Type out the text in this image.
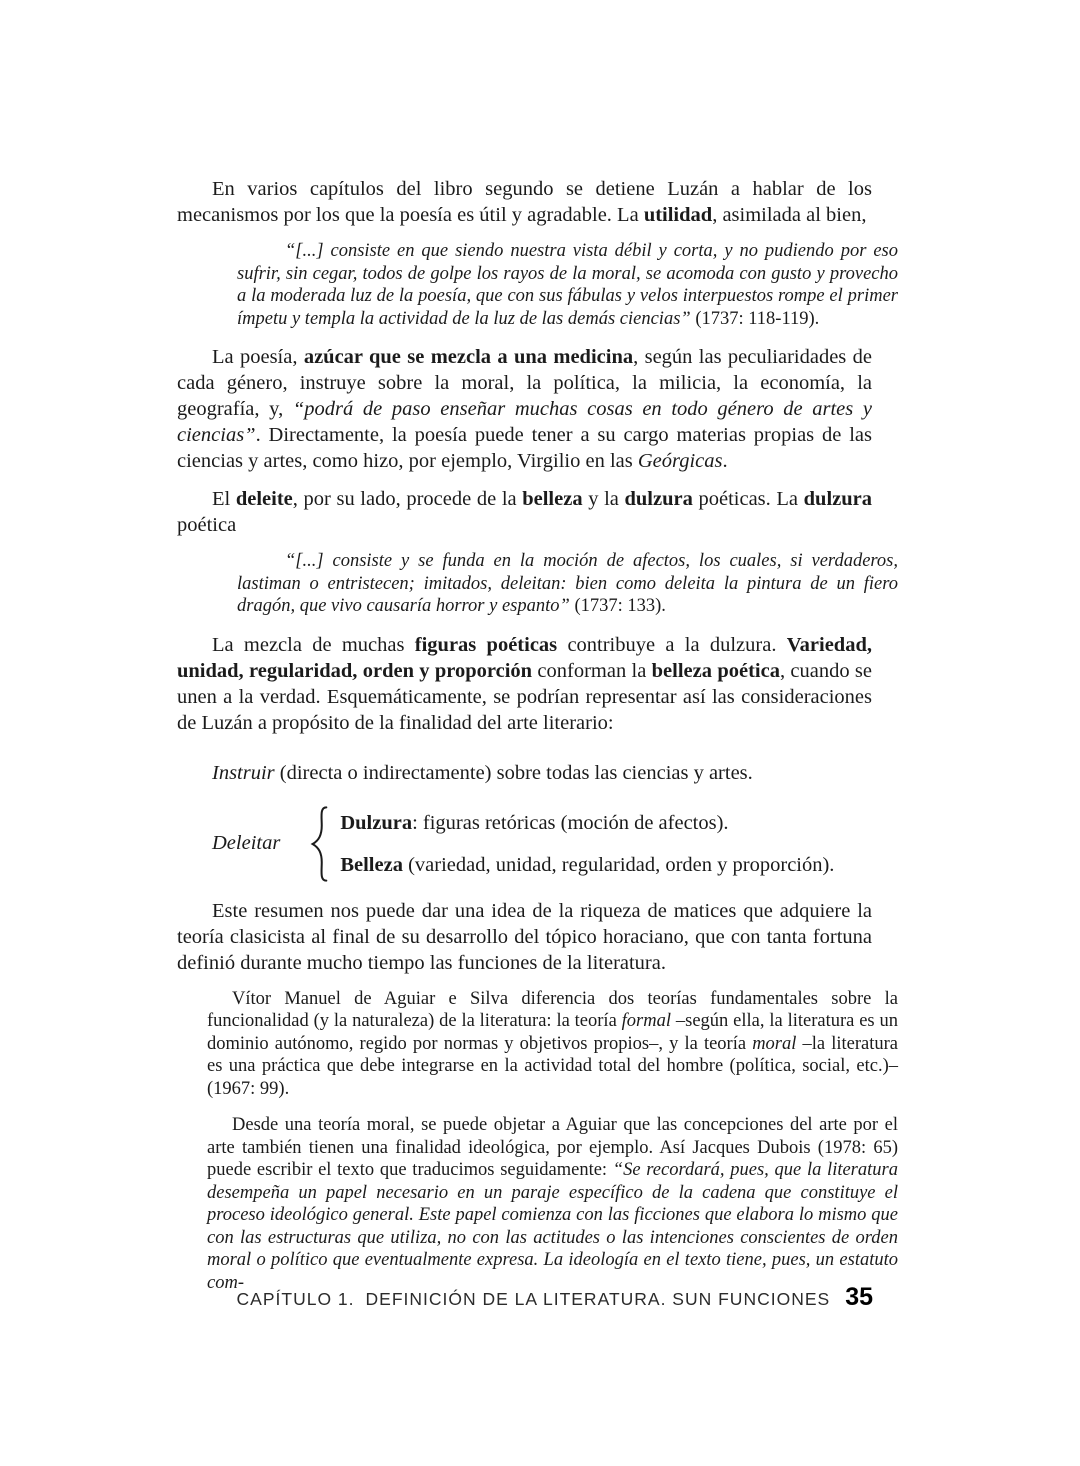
En varios capítulos del libro segundo se detiene Luzán a hablar de los mecanismos por los que la poesía es útil y agradable. La utilidad, asimilada al bien,

“[...] consiste en que siendo nuestra vista débil y corta, y no pudiendo por eso sufrir, sin cegar, todos de golpe los rayos de la moral, se acomoda con gusto y provecho a la moderada luz de la poesía, que con sus fábulas y velos interpuestos rompe el primer ímpetu y templa la actividad de la luz de las demás ciencias” (1737: 118-119).

La poesía, azúcar que se mezcla a una medicina, según las peculiaridades de cada género, instruye sobre la moral, la política, la milicia, la economía, la geografía, y, “podrá de paso enseñar muchas cosas en todo género de artes y ciencias”. Directamente, la poesía puede tener a su cargo materias propias de las ciencias y artes, como hizo, por ejemplo, Virgilio en las Geórgicas.

El deleite, por su lado, procede de la belleza y la dulzura poéticas. La dulzura poética

“[...] consiste y se funda en la moción de afectos, los cuales, si verdaderos, lastiman o entristecen; imitados, deleitan: bien como deleita la pintura de un fiero dragón, que vivo causaría horror y espanto” (1737: 133).

La mezcla de muchas figuras poéticas contribuye a la dulzura. Variedad, unidad, regularidad, orden y proporción conforman la belleza poética, cuando se unen a la verdad. Esquemáticamente, se podrían representar así las consideraciones de Luzán a propósito de la finalidad del arte literario:

Instruir (directa o indirectamente) sobre todas las ciencias y artes.

Deleitar

Dulzura: figuras retóricas (moción de afectos).

Belleza (variedad, unidad, regularidad, orden y proporción).

Este resumen nos puede dar una idea de la riqueza de matices que adquiere la teoría clasicista al final de su desarrollo del tópico horaciano, que con tanta fortuna definió durante mucho tiempo las funciones de la literatura.

Vítor Manuel de Aguiar e Silva diferencia dos teorías fundamentales sobre la funcionalidad (y la naturaleza) de la literatura: la teoría formal –según ella, la literatura es un dominio autónomo, regido por normas y objetivos propios–, y la teoría moral –la literatura es una práctica que debe integrarse en la actividad total del hombre (política, social, etc.)– (1967: 99).

Desde una teoría moral, se puede objetar a Aguiar que las concepciones del arte por el arte también tienen una finalidad ideológica, por ejemplo. Así Jacques Dubois (1978: 65) puede escribir el texto que traducimos seguidamente: “Se recordará, pues, que la literatura desempeña un papel necesario en un paraje específico de la cadena que constituye el proceso ideológico general. Este papel comienza con las ficciones que elabora lo mismo que con las estructuras que utiliza, no con las actitudes o las intenciones conscientes de orden moral o político que eventualmente expresa. La ideología en el texto tiene, pues, un estatuto com-

CAPÍTULO 1. DEFINICIÓN DE LA LITERATURA. SUN FUNCIONES 35
